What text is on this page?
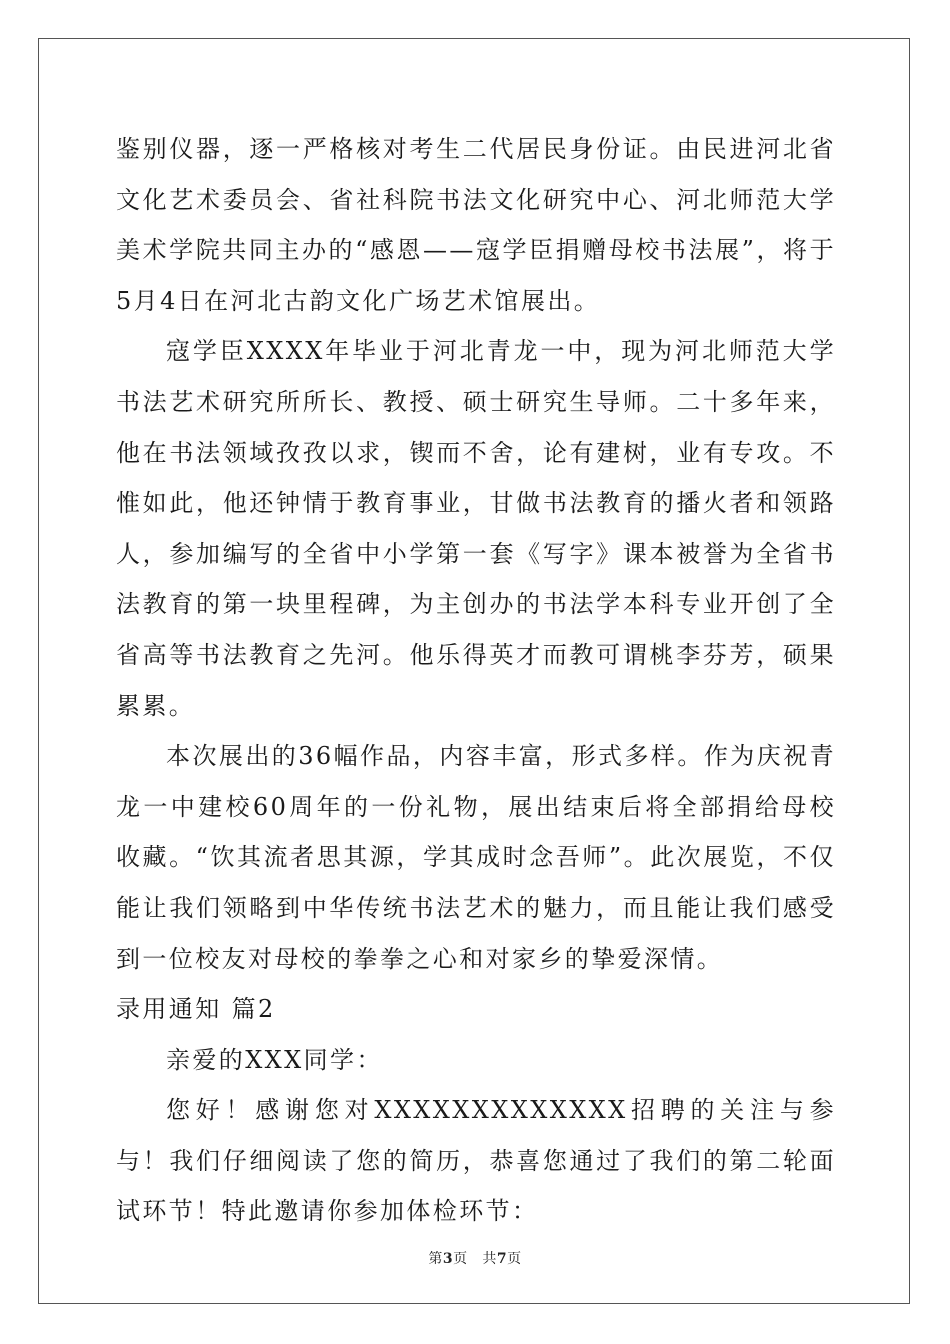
鉴别仪器，逐一严格核对考生二代居民身份证。由民进河北省文化艺术委员会、省社科院书法文化研究中心、河北师范大学美术学院共同主办的“感恩——寇学臣捐赠母校书法展”，将于5月4日在河北古韵文化广场艺术馆展出。

寇学臣XXXX年毕业于河北青龙一中，现为河北师范大学书法艺术研究所所长、教授、硕士研究生导师。二十多年来，他在书法领域孜孜以求，锲而不舍，论有建树，业有专攻。不惟如此，他还钟情于教育事业，甘做书法教育的播火者和领路人，参加编写的全省中小学第一套《写字》课本被誉为全省书法教育的第一块里程碑，为主创办的书法学本科专业开创了全省高等书法教育之先河。他乐得英才而教可谓桃李芬芳，硕果累累。

本次展出的36幅作品，内容丰富，形式多样。作为庆祝青龙一中建校60周年的一份礼物，展出结束后将全部捐给母校收藏。“饮其流者思其源，学其成时念吾师”。此次展览，不仅能让我们领略到中华传统书法艺术的魅力，而且能让我们感受到一位校友对母校的拳拳之心和对家乡的挚爱深情。

录用通知 篇2

亲爱的XXX同学：

您好！感谢您对XXXXXXXXXXXXX招聘的关注与参与！我们仔细阅读了您的简历，恭喜您通过了我们的第二轮面试环节！特此邀请你参加体检环节：

第3页   共7页
